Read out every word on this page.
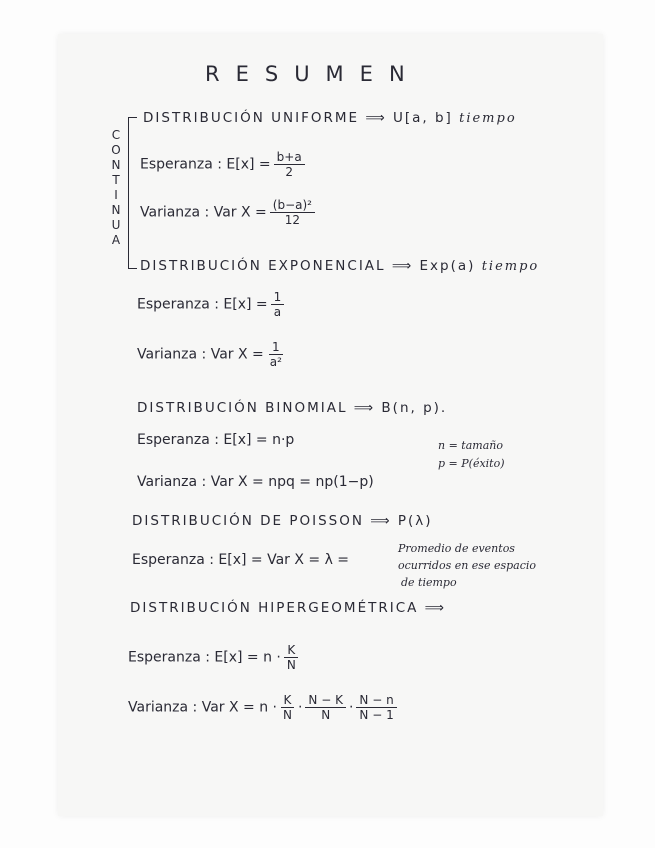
RESUMEN
C
O
N
T
I
N
U
A
DISTRIBUCIÓN UNIFORME ⟹ U[a, b] tiempo
Esperanza : $E[x] = \frac{b+a}{2}$
Varianza : Var $X = \frac{\text{(b−a)²}}{12}$
DISTRIBUCIÓN EXPONENCIAL ⟹ Exp(a) tiempo
Esperanza : $E[x] = \frac{1}{a}$
Varianza : Var $X = \frac{1}{\text{a²}}$
DISTRIBUCIÓN BINOMIAL ⟹ B(n, p).
Esperanza : E[x] = n·p	n = tamaño
p = P(éxito)
Varianza : Var X = npq = np(1−p)
DISTRIBUCIÓN DE POISSON ⟹ P(λ)
Esperanza : E[x] = Var X = λ =
Promedio de eventos
ocurridos en ese espacio
de tiempo
DISTRIBUCIÓN HIPERGEOMÉTRICA ⟹
Esperanza : $E[x] = n \cdot \frac{K}{N}$
Varianza : Var $X = n \cdot \frac{K}{N} \cdot \frac{N - K}{N} \cdot \frac{N - n}{N - 1}$
